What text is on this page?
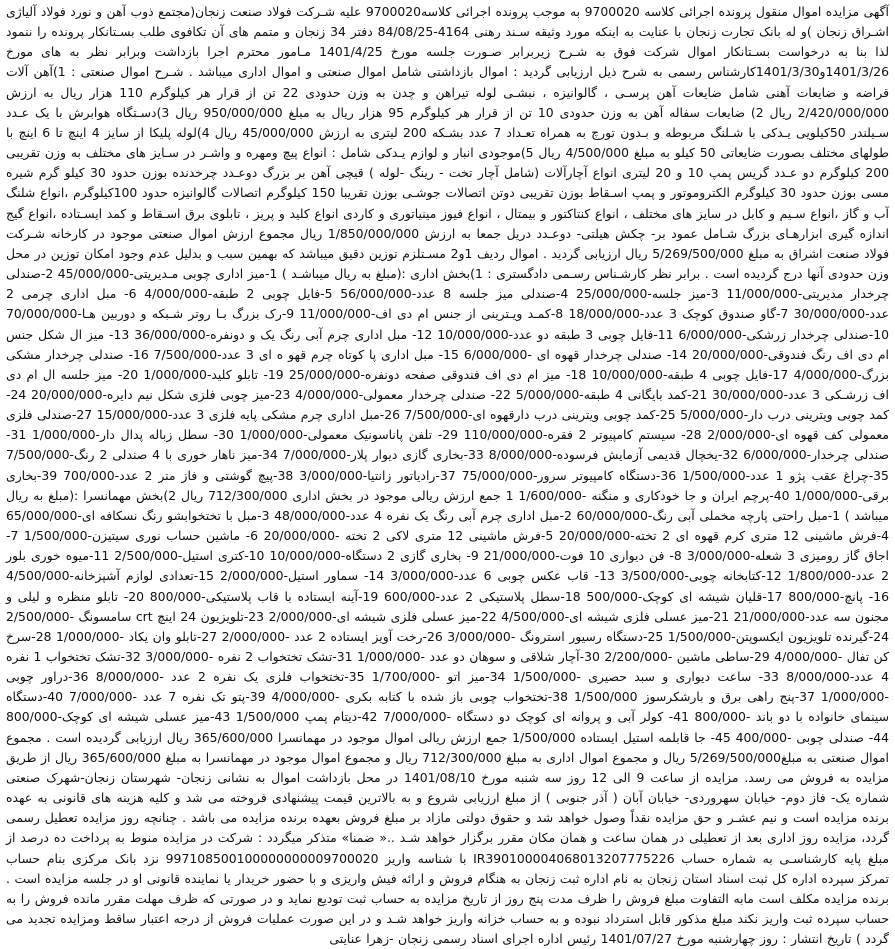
آگهی مزایده اموال منقول پرونده اجرائی کلاسه 9700020 به موجب پرونده اجرائی کلاسه9700020 علیه شـرکت فولاد صنعت زنجان(مجتمع ذوب آهن و نورد فولاد آلیاژی اشـراق زنجان )و له بانک تجارت زنجان با عنایت به اینکه مورد وثیقه سـند رهنی 4164-84/08/25 دفتر 34 زنجان و متمم های آن تکافوی طلب بسـتانکار پرونده را ننمود لذا بنا به درخواست بسـتانکار اموال شرکت فوق به شـرح زیربرابر صـورت جلسه مورخ 1401/4/25 مـامور محترم اجرا بازداشت وبرابر نظر به های مورخ 1401/3/26و1401/3/30کارشناس رسمی به شرح ذیل ارزیابی گردید : اموال بازداشتی شامل اموال صنعتی و اموال اداری میباشد . شـرح اموال صنعتی : 1)آهن آلات قراضه و ضایعات آهنی شامل ضایعات آهن پرسـی ، گالوانیزه ، نبشـی لوله تیراهن و چدن به وزن حدودی 22 تن از قرار هر کیلوگرم 110 هزار ریال به ارزش 2/420/000/000 ریال 2) ضایعات سفاله آهن به وزن حدودی 10 تن از قرار هر کیلوگرم 95 هزار ریال به مبلغ 950/000/000 ریال 3)دسـتگاه هوابرش با یک عـدد سـیلندر 50کیلویی یـدکی با شـلنگ مربوطه و بـدون تورچ به همراه تعـداد 7 عدد بشـکه 200 لیتری به ارزش 45/000/000 ریال 4)لوله پلیکا از سایز 4 اینچ تا 6 اینچ با طولهای مختلف بصورت ضایعاتی 50 کیلو به مبلغ 4/500/000 ریال 5)موجودی انبار و لوازم یـدکی شامل : انواع پیچ ومهره و واشـر در سـایز های مختلف به وزن تقریبی 200 کیلوگرم دو عـدد گریس پمپ 10 و 20 لیتری انواع آچارآلات (شامل آچار تخت - رینگ -لوله ) قیچی آهن بر بزرگ دوعـدد چرخدنده بوزن حدود 30 کیلو گرم شیره مسی بوزن حدود 30 کیلوگرم الکتروموتور و پمپ اسـقاط بوزن تقریبی دوتن اتصالات جوشـی بوزن تقریبا 150 کیلوگرم اتصالات گالوانیزه حدود 100کیلوگرم ،انواع شلنگ آب و گاز ،انواع سـیم و کابل در سایز های مختلف ، انواع کنتاکتور و بیمتال ، انواع فیوز مینیاتوری و کاردی انواع کلید و پریز ، تابلوی برق اسـقاط و کمد ایسـتاده ،انواع گیج اندازه گیری ابزارهـای بزرگ شـامل عمود بر- چکش هیلتی- دوعـدد دریل جمعا به ارزش 1/850/000/000 ریال مجموع ارزش اموال صنعتی موجود در کارخانه شـرکت فولاد صنعت اشراق به مبلغ 5/269/500/000 ریال ارزیابی گردید . اموال ردیف 1و2 مسـتلزم توزین دقیق میباشد که بهمین سبب و بدلیل عدم وجود امکان توزین در محل وزن حدودی آنها درج گردیده است . برابر نظر کارشـناس رسـمی دادگستری : 1)بخش اداری :(مبلغ به ریال میباشـد ) 1-میز اداری چوبی مـدیریتی-45/000/000 2-صندلی چرخدار مدیریتی-11/000/000 3-میز جلسه-25/000/000 4-صندلی میز جلسه 8 عدد-56/000/000 5-فایل چوبی 2 طبقه-4/000/000 6- مبل اداری چرمی 2 عدد-30/000/000 7-گاو صندوق کوچک 3 عدد-18/000/000 8-کمـد ویـترینی از جنس ام دی اف-11/000/000 9-رک بزرگ بـا روتر شـبکه و دوربین هـا-70/000/000 10-صندلی چرخدار زرشکی-6/000/000 11-فایل چوبی 3 طبقه دو عدد-10/000/000 12- مبل اداری چرم آبی رنگ یک و دونفره-36/000/000 13- میز ال شکل جنس ام دی اف رنگ فندوقی-20/000/000 14- صندلی چرخدار قهوه ای -6/000/000 15- مبل اداری پا کوتاه چرم قهو ه ای 3 عدد-7/500/000 16- صندلی چرخدار مشکی بزرگ-4/000/000 17-فایل چوبی 4 طبقه-10/000/000 18- میز ام دی اف فندوقی صفحه دونفره-25/000/000 19- تابلو کلید-1/000/000 20- میز جلسه ال ام دی اف زرشـکی 3 عدد-30/000/000 21-کمد بایگانی 4 طبقه-5/000/000 22- صندلی چرخدار معمولی-4/000/000 23-میز چوبی فلزی شکل نیم دایره-20/000/000 24-کمد چوبی ویترینی درب دار-5/000/000 25-کمد چوبی ویترینی درب دارقهوه ای-7/500/000 26-مبل اداری چرم مشکی پایه فلزی 3 عدد-15/000/000 27-صندلی فلزی معمولی کف قهوه ای-2/000/000 28- سیستم کامپیوتر 2 فقره-110/000/000 29- تلفن پاناسونیک معمولی-1/000/000 30- سطل زباله پدال دار-1/000/000 31- صندلی چرخدار-6/000/000 32-یخچال قدیمی آزمایش فرسوده-8/000/000 33-بخاری گازی دیوار پلار-7/000/000 34-میز ناهار خوری با 4 صندلی 2 رنگ-7/500/000 35-چراغ عقب پژو 1 عدد-1/500/000 36-دستگاه کامپیوتر سرور-75/000/000 37-رادیاتور زانتیا-3/000/000 38-پیچ گوشتی و فاز متر 2 عدد-700/000 39-بخاری برقی-1/000/000 40-پرچم ایران و جا خودکاری و منگنه -1/600/000 1 جمع ارزش ریالی موجود در بخش اداری 712/300/000 ریال 2)بخش مهمانسرا :(مبلغ به ریال میباشد ) 1-مبل راحتی پارچه مخملی آبی رنگ-60/000/000 2-مبل اداری چرم آبی رنگ یک نفره 4 عدد-48/000/000 3-مبل با تختخوابشو رنگ نسکافه ای-65/000/000 4-فرش ماشینی 12 متری کرم قهوه ای 2 تخته-20/000/000 5-فرش ماشینی 12 متری لاکی 2 تخته -20/000/000 6- ماشین حساب نوری سیتیزن-1/500/000 7- اجاق گاز رومیزی 3 شعله-3/000/000 8- فن دیواری 10 فوت-21/000/000 9- بخاری گازی 2 دستگاه-10/000/000 10-کتری استیل-2/500/000 11-میوه خوری بلور 2 عدد-1/800/000 12-کتابخانه چوبی-3/500/000 13- قاب عکس چوبی 6 عدد-3/000/000 14- سماور استیل-2/000/000 15-تعدادی لوازم آشپزخانه-4/500/000 16- پانچ-800/000 17-قلیان شیشه ای کوچک-500/000 18-سطل پلاستیکی 2 عدد-600/000 19-آینه ایستاده با قاب پلاستیکی-800/000 20- تابلو منظره و لیلی و مجنون سه عدد-21/000/000 21-میز عسلی فلزی شیشه ای-4/500/000 22-میز عسلی فلزی شیشه ای-2/000/000 23-تلویزیون 24 اینچ crt سامسونگ -2/500/000 24-گیرنده تلویزیون ایکسوپتن-1/500/000 25-دستگاه رسیور استرونگ -3/000/000 26-رخت آویز ایستاده 2 عدد -2/000/000 27-تابلو وان یکاد -1/000/000 28-سرخ کن تفال -4/000/000 29-ساطی ماشین -2/200/000 30-آچار شلاقی و سوهان دو عدد -1/000/000 31-تشک تختخواب 2 نفره -3/000/000 32-تشک تختخواب 1 نفره 4 عدد-8/000/000 33- ساعت دیواری و سبد حصیری -1/500/000 34-میز اتو -1/700/000 35-تختخواب فلزی یک نفره 2 عدد -8/000/000 36-دراور چوبی -1/000/000 37-پنج راهی برق و بارشکرسوز 1/500/000 38-تختخواب چوبی باز شده با کتابه بکری -4/000/000 39-پتو تک نفره 7 عدد -7/000/000 40-دستگاه سینمای خانواده با دو باند -800/000 41- کولر آبی و پروانه ای کوچک دو دستگاه -7/000/000 42-دیتام پمپ 1/500/000 43-میز عسلی شیشه ای کوچک-800/000 44- صندلی چوبی -400/000 45- جا قابلمه استیل ایستاده 1/500/000 جمع ارزش ریالی اموال موجود در مهمانسرا 365/600/000 ریال ارزیابی گردیده است . مجموع اموال صنعتی به مبلغ5/269/500/000 ریال و مجموع اموال اداری به مبلغ 712/300/000 ریال و مجموع اموال موجود در مهمانسرا به مبلغ 365/600/000 ریال از طریق مزایده به فروش می رسد. مزایده از ساعت 9 الی 12 روز سه شنبه مورخ 1401/08/10 در محل بازداشت اموال به نشانی زنجان- شهرستان زنجان-شهرک صنعتی شماره یک- فاز دوم- خیابان سهروردی- خیابان آبان ( آذر جنوبی ) از مبلغ ارزیابی شروع و به بالاترین قیمت پیشنهادی فروخته می شد و کلیه هزینه های قانونی به عهده برنده مزایده است و نیم عشـر و حق مزایده نقداً وصول خواهد شد و حقوق دولتی مازاد بر مبلغ فروش بعهده برنده مزایده می باشد . چنانچه روز مزایده تعطیل رسمی گردد، مزایده روز اداری بعد از تعطیلی در همان ساعت و همان مکان مقرر برگزار خواهد شـد ..« ضمنا» متذکر میگردد : شرکت در مزایده منوط به پرداخت ده درصد از مبلغ پایه کارشناسـی به شماره حساب IR390100004068013207775226 با شناسه واریز 997108500100000000009700020 نزد بانک مرکزی بنام حساب تمرکز سپرده اداره کل ثبت اسناد استان زنجان به نام اداره ثبت زنجان به هنگام فروش و ارائه فیش واریزی و با حضور خریدار یا نماینده قانونی او در جلسه مزایده است . برنده مزایده مکلف است مابه التفاوت مبلغ فروش را ظرف مدت پنج روز از تاریخ مزایده به حساب ثبت تودیع نماید و در صورتی که ظرف مهلت مقرر مانده فروش را به حساب سپرده ثبت واریز نکند مبلغ مذکور قابل استرداد نبوده و به حساب خزانه واریز خواهد شـد و در این صورت عملیات فروش از درجه اعتبار ساقط ومزایده تجدید می گردد ) تاریخ انتشار : روز چهارشنبه مورخ 1401/07/27 رئیس اداره اجرای اسناد رسمی زنجان -زهرا عنایتی
